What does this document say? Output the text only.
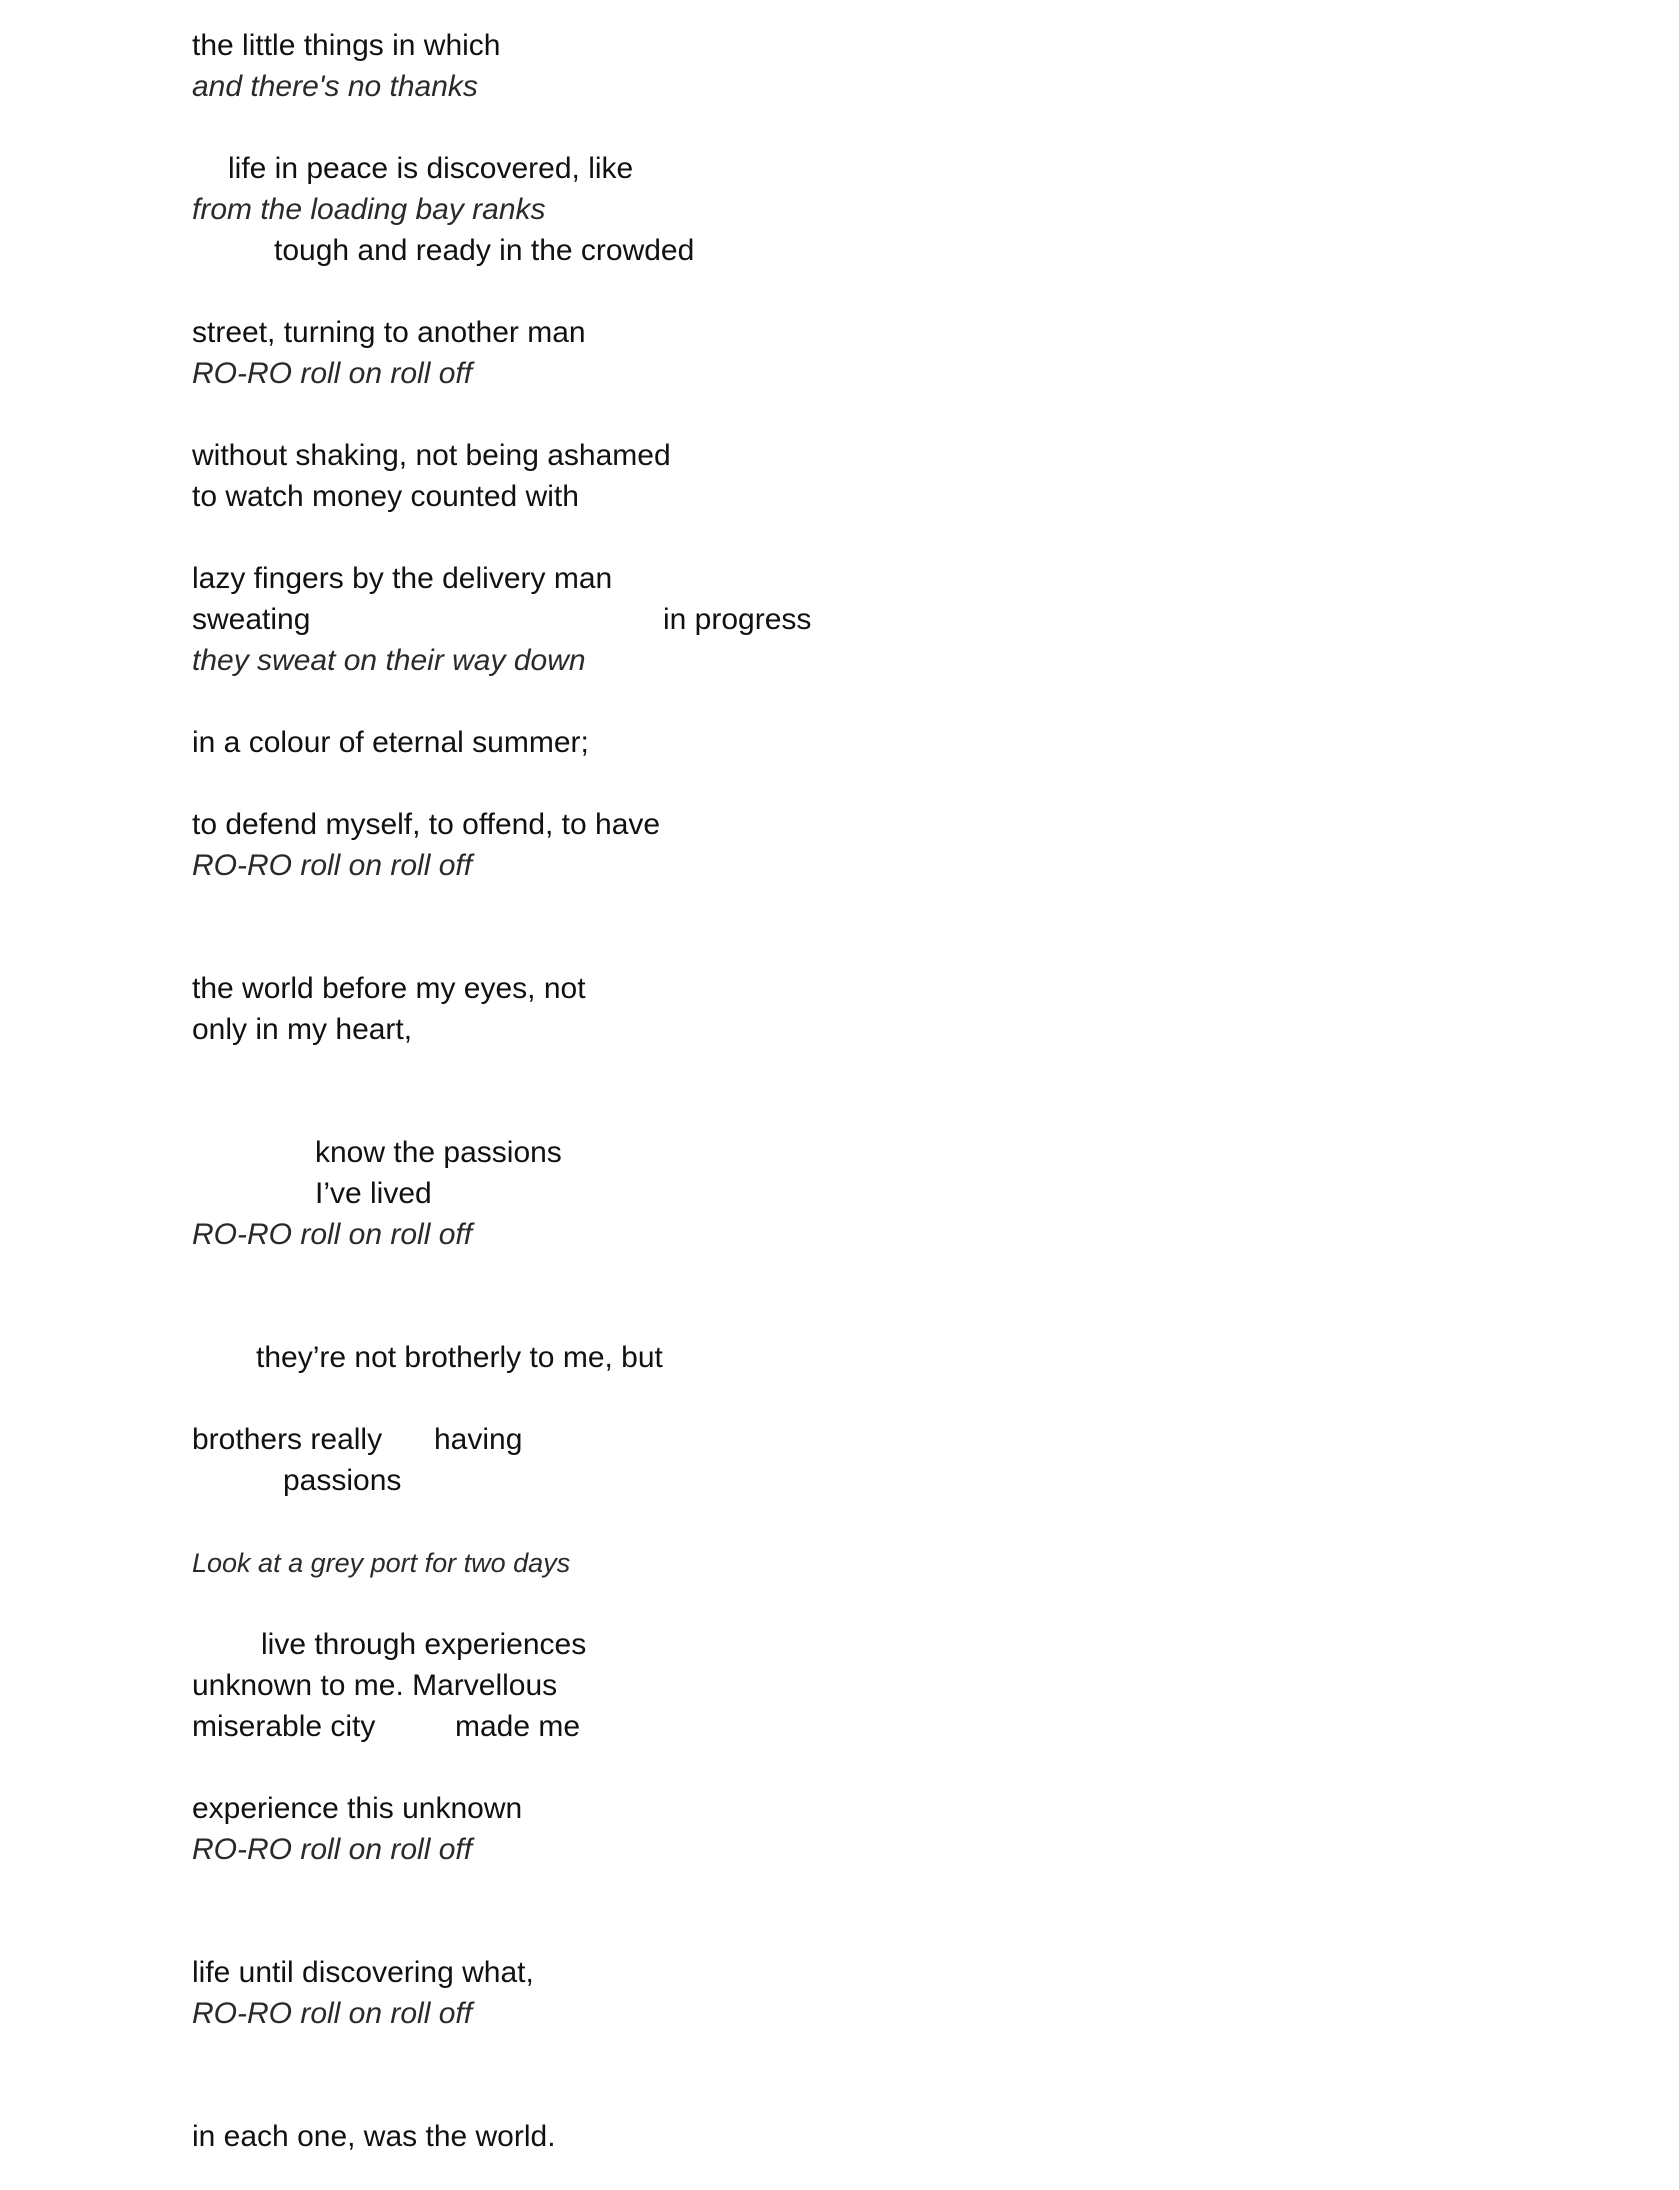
the little things in which
and there's no thanks
life in peace is discovered, like
from the loading bay ranks
tough and ready in the crowded
street, turning to another man
RO-RO roll on roll off
without shaking, not being ashamed
to watch money counted with
lazy fingers by the delivery man
sweating	in progress
they sweat on their way down
in a colour of eternal summer;
to defend myself, to offend, to have
RO-RO roll on roll off
the world before my eyes, not
only in my heart,
know the passions
I’ve lived
RO-RO roll on roll off
they’re not brotherly to me, but
brothers really having
passions
Look at a grey port for two days
live through experiences
unknown to me. Marvellous
miserable city	made me
experience this unknown
RO-RO roll on roll off
life until discovering what,
RO-RO roll on roll off
in each one, was the world.
